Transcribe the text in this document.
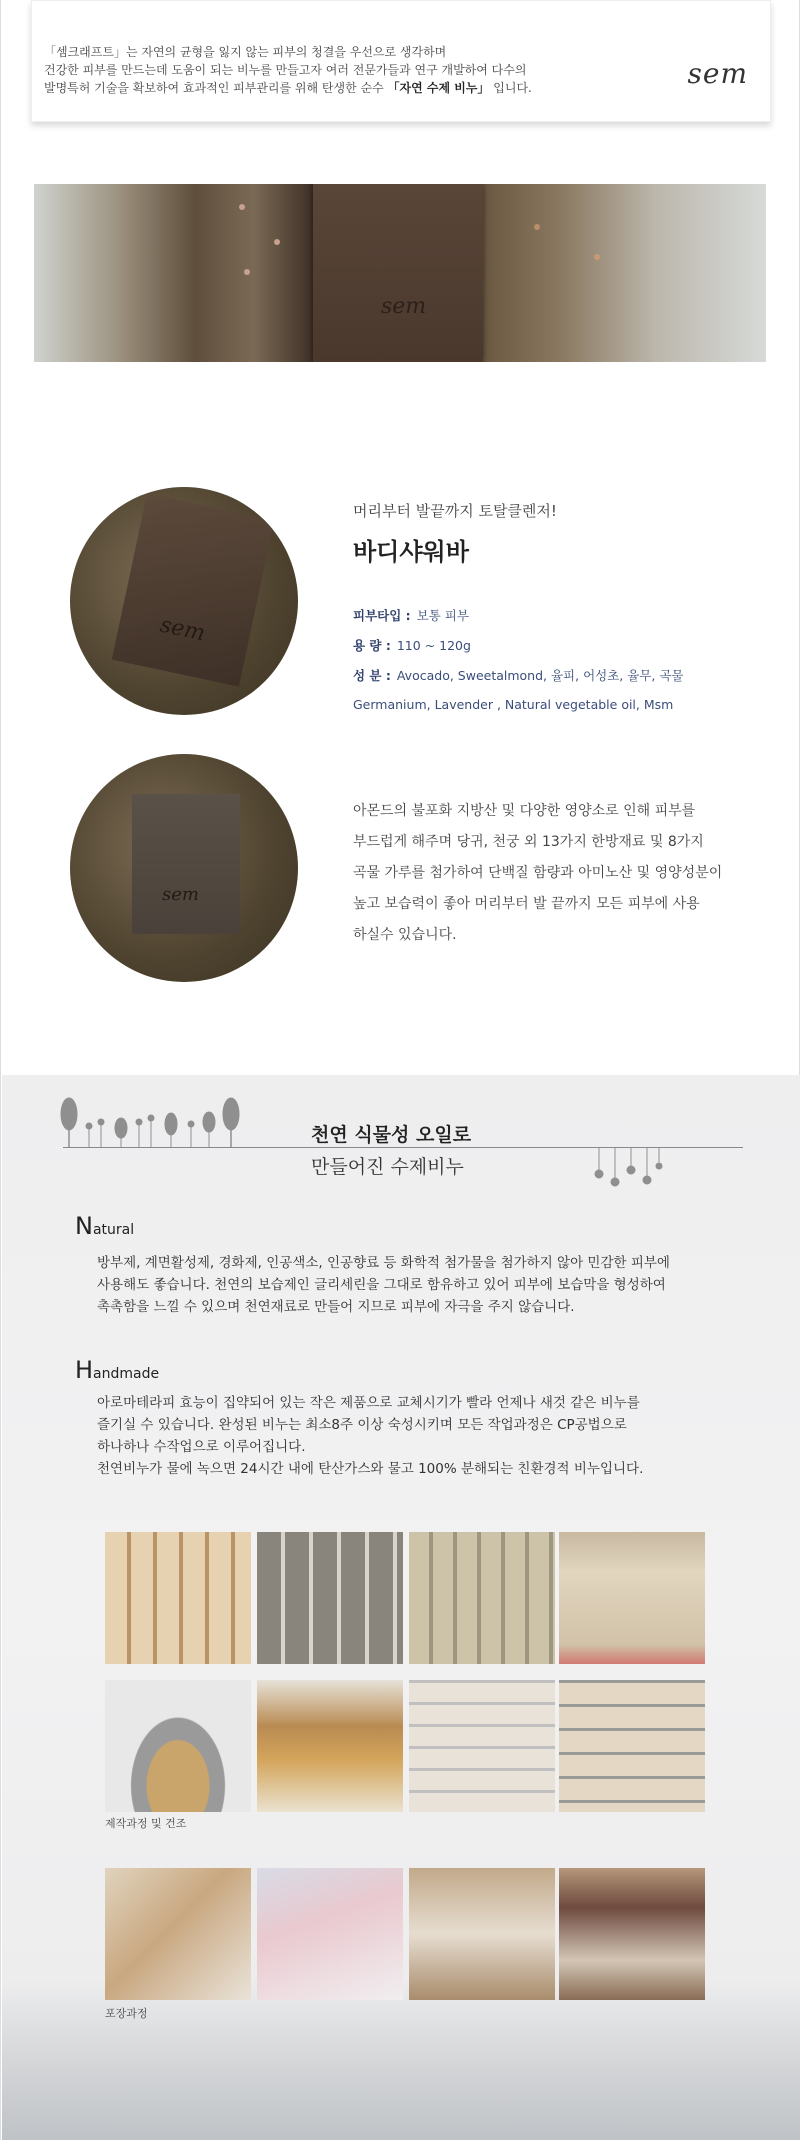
「셈크래프트」는 자연의 균형을 잃지 않는 피부의 청결을 우선으로 생각하며

건강한 피부를 만드는데 도움이 되는 비누를 만들고자 여러 전문가들과 연구 개발하여 다수의

발명특허 기술을 확보하여 효과적인 피부관리를 위해 탄생한 순수 「자연 수제 비누」 입니다.	sem
sem
sem
sem
머리부터 발끝까지 토탈클렌저!
바디샤워바
피부타입 : 보통 피부
용 량 : 110 ~ 120g
성 분 : Avocado, Sweetalmond, 율피, 어성초, 율무, 곡물
Germanium, Lavender , Natural vegetable oil, Msm
아몬드의 불포화 지방산 및 다양한 영양소로 인해 피부를
부드럽게 해주며 당귀, 천궁 외 13가지 한방재료 및 8가지
곡물 가루를 첨가하여 단백질 함량과 아미노산 및 영양성분이
높고 보습력이 좋아 머리부터 발 끝까지 모든 피부에 사용
하실수 있습니다.
천연 식물성 오일로
만들어진 수제비누
Natural
방부제, 계면활성제, 경화제, 인공색소, 인공향료 등 화학적 첨가물을 첨가하지 않아 민감한 피부에
사용해도 좋습니다. 천연의 보습제인 글리세린을 그대로 함유하고 있어 피부에 보습막을 형성하여
촉촉함을 느낄 수 있으며 천연재료로 만들어 지므로 피부에 자극을 주지 않습니다.
Handmade
아로마테라피 효능이 집약되어 있는 작은 제품으로 교체시기가 빨라 언제나 새것 같은 비누를
즐기실 수 있습니다. 완성된 비누는 최소8주 이상 숙성시키며 모든 작업과정은 CP공법으로
하나하나 수작업으로 이루어집니다.
천연비누가 물에 녹으면 24시간 내에 탄산가스와 물고 100% 분해되는 친환경적 비누입니다.
제작과정 및 건조
포장과정
